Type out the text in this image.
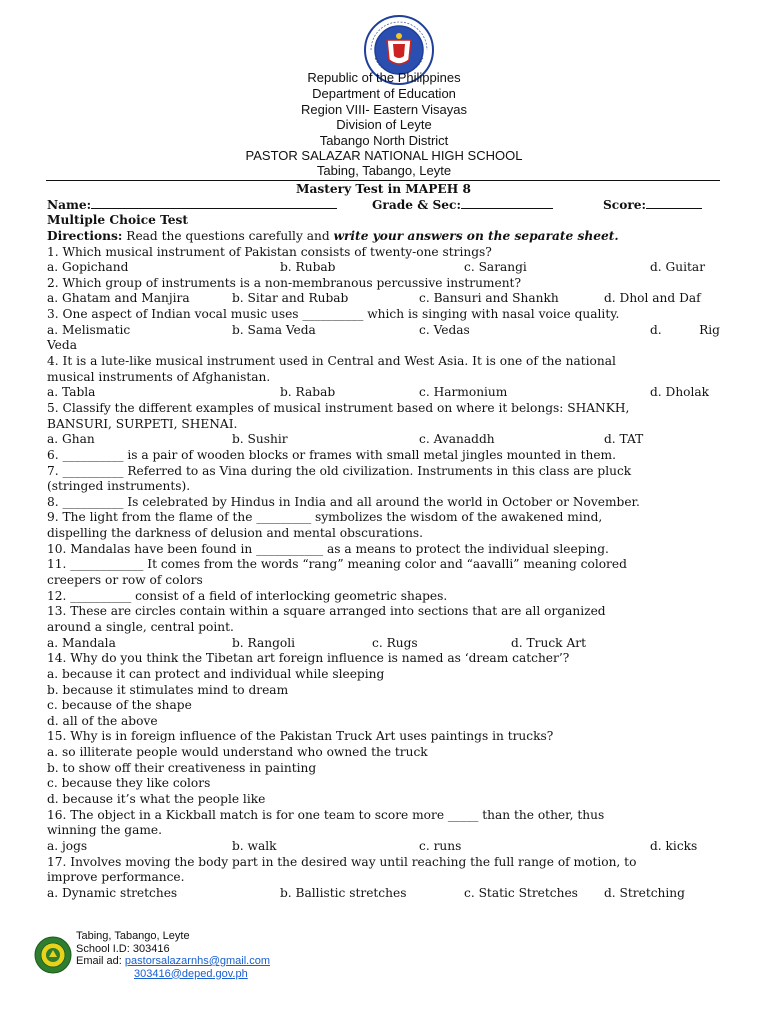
Republic of the Philippines
Department of Education
Region VIII- Eastern Visayas
Division of Leyte
Tabango North District
PASTOR SALAZAR NATIONAL HIGH SCHOOL
Tabing, Tabango, Leyte
Mastery Test in MAPEH 8
Name:	Grade & Sec:	Score:
Multiple Choice Test
Directions: Read the questions carefully and write your answers on the separate sheet.
1. Which musical instrument of Pakistan consists of twenty-one strings?
a. Gopichand	b. Rubab	c. Sarangi	d. Guitar
2. Which group of instruments is a non-membranous percussive instrument?
a. Ghatam and Manjira	b. Sitar and Rubab	c. Bansuri and Shankh	d. Dhol and Daf
3. One aspect of Indian vocal music uses __________ which is singing with nasal voice quality.
a. Melismatic	b. Sama Veda	c. Vedas	d.	Rig
Veda
4. It is a lute-like musical instrument used in Central and West Asia. It is one of the national
musical instruments of Afghanistan.
a. Tabla	b. Rabab	c. Harmonium	d. Dholak
5. Classify the different examples of musical instrument based on where it belongs: SHANKH,
BANSURI, SURPETI, SHENAI.
a. Ghan	b. Sushir	c. Avanaddh	d. TAT
6. __________ is a pair of wooden blocks or frames with small metal jingles mounted in them.
7. __________ Referred to as Vina during the old civilization. Instruments in this class are pluck
(stringed instruments).
8. __________ Is celebrated by Hindus in India and all around the world in October or November.
9. The light from the flame of the _________ symbolizes the wisdom of the awakened mind,
dispelling the darkness of delusion and mental obscurations.
10. Mandalas have been found in ___________ as a means to protect the individual sleeping.
11. ____________ It comes from the words “rang” meaning color and “aavalli” meaning colored
creepers or row of colors
12. __________ consist of a field of interlocking geometric shapes.
13. These are circles contain within a square arranged into sections that are all organized
around a single, central point.
a. Mandala	b. Rangoli	c. Rugs	d. Truck Art
14. Why do you think the Tibetan art foreign influence is named as ‘dream catcher’?
a. because it can protect and individual while sleeping
b. because it stimulates mind to dream
c. because of the shape
d. all of the above
15. Why is in foreign influence of the Pakistan Truck Art uses paintings in trucks?
a. so illiterate people would understand who owned the truck
b. to show off their creativeness in painting
c. because they like colors
d. because it’s what the people like
16. The object in a Kickball match is for one team to score more _____ than the other, thus
winning the game.
a. jogs	b. walk	c. runs	d. kicks
17. Involves moving the body part in the desired way until reaching the full range of motion, to
improve performance.
a. Dynamic stretches	b. Ballistic stretches	c. Static Stretches d. Stretching
Tabing, Tabango, Leyte
School I.D: 303416
Email ad: pastorsalazarnhs@gmail.com
303416@deped.gov.ph
